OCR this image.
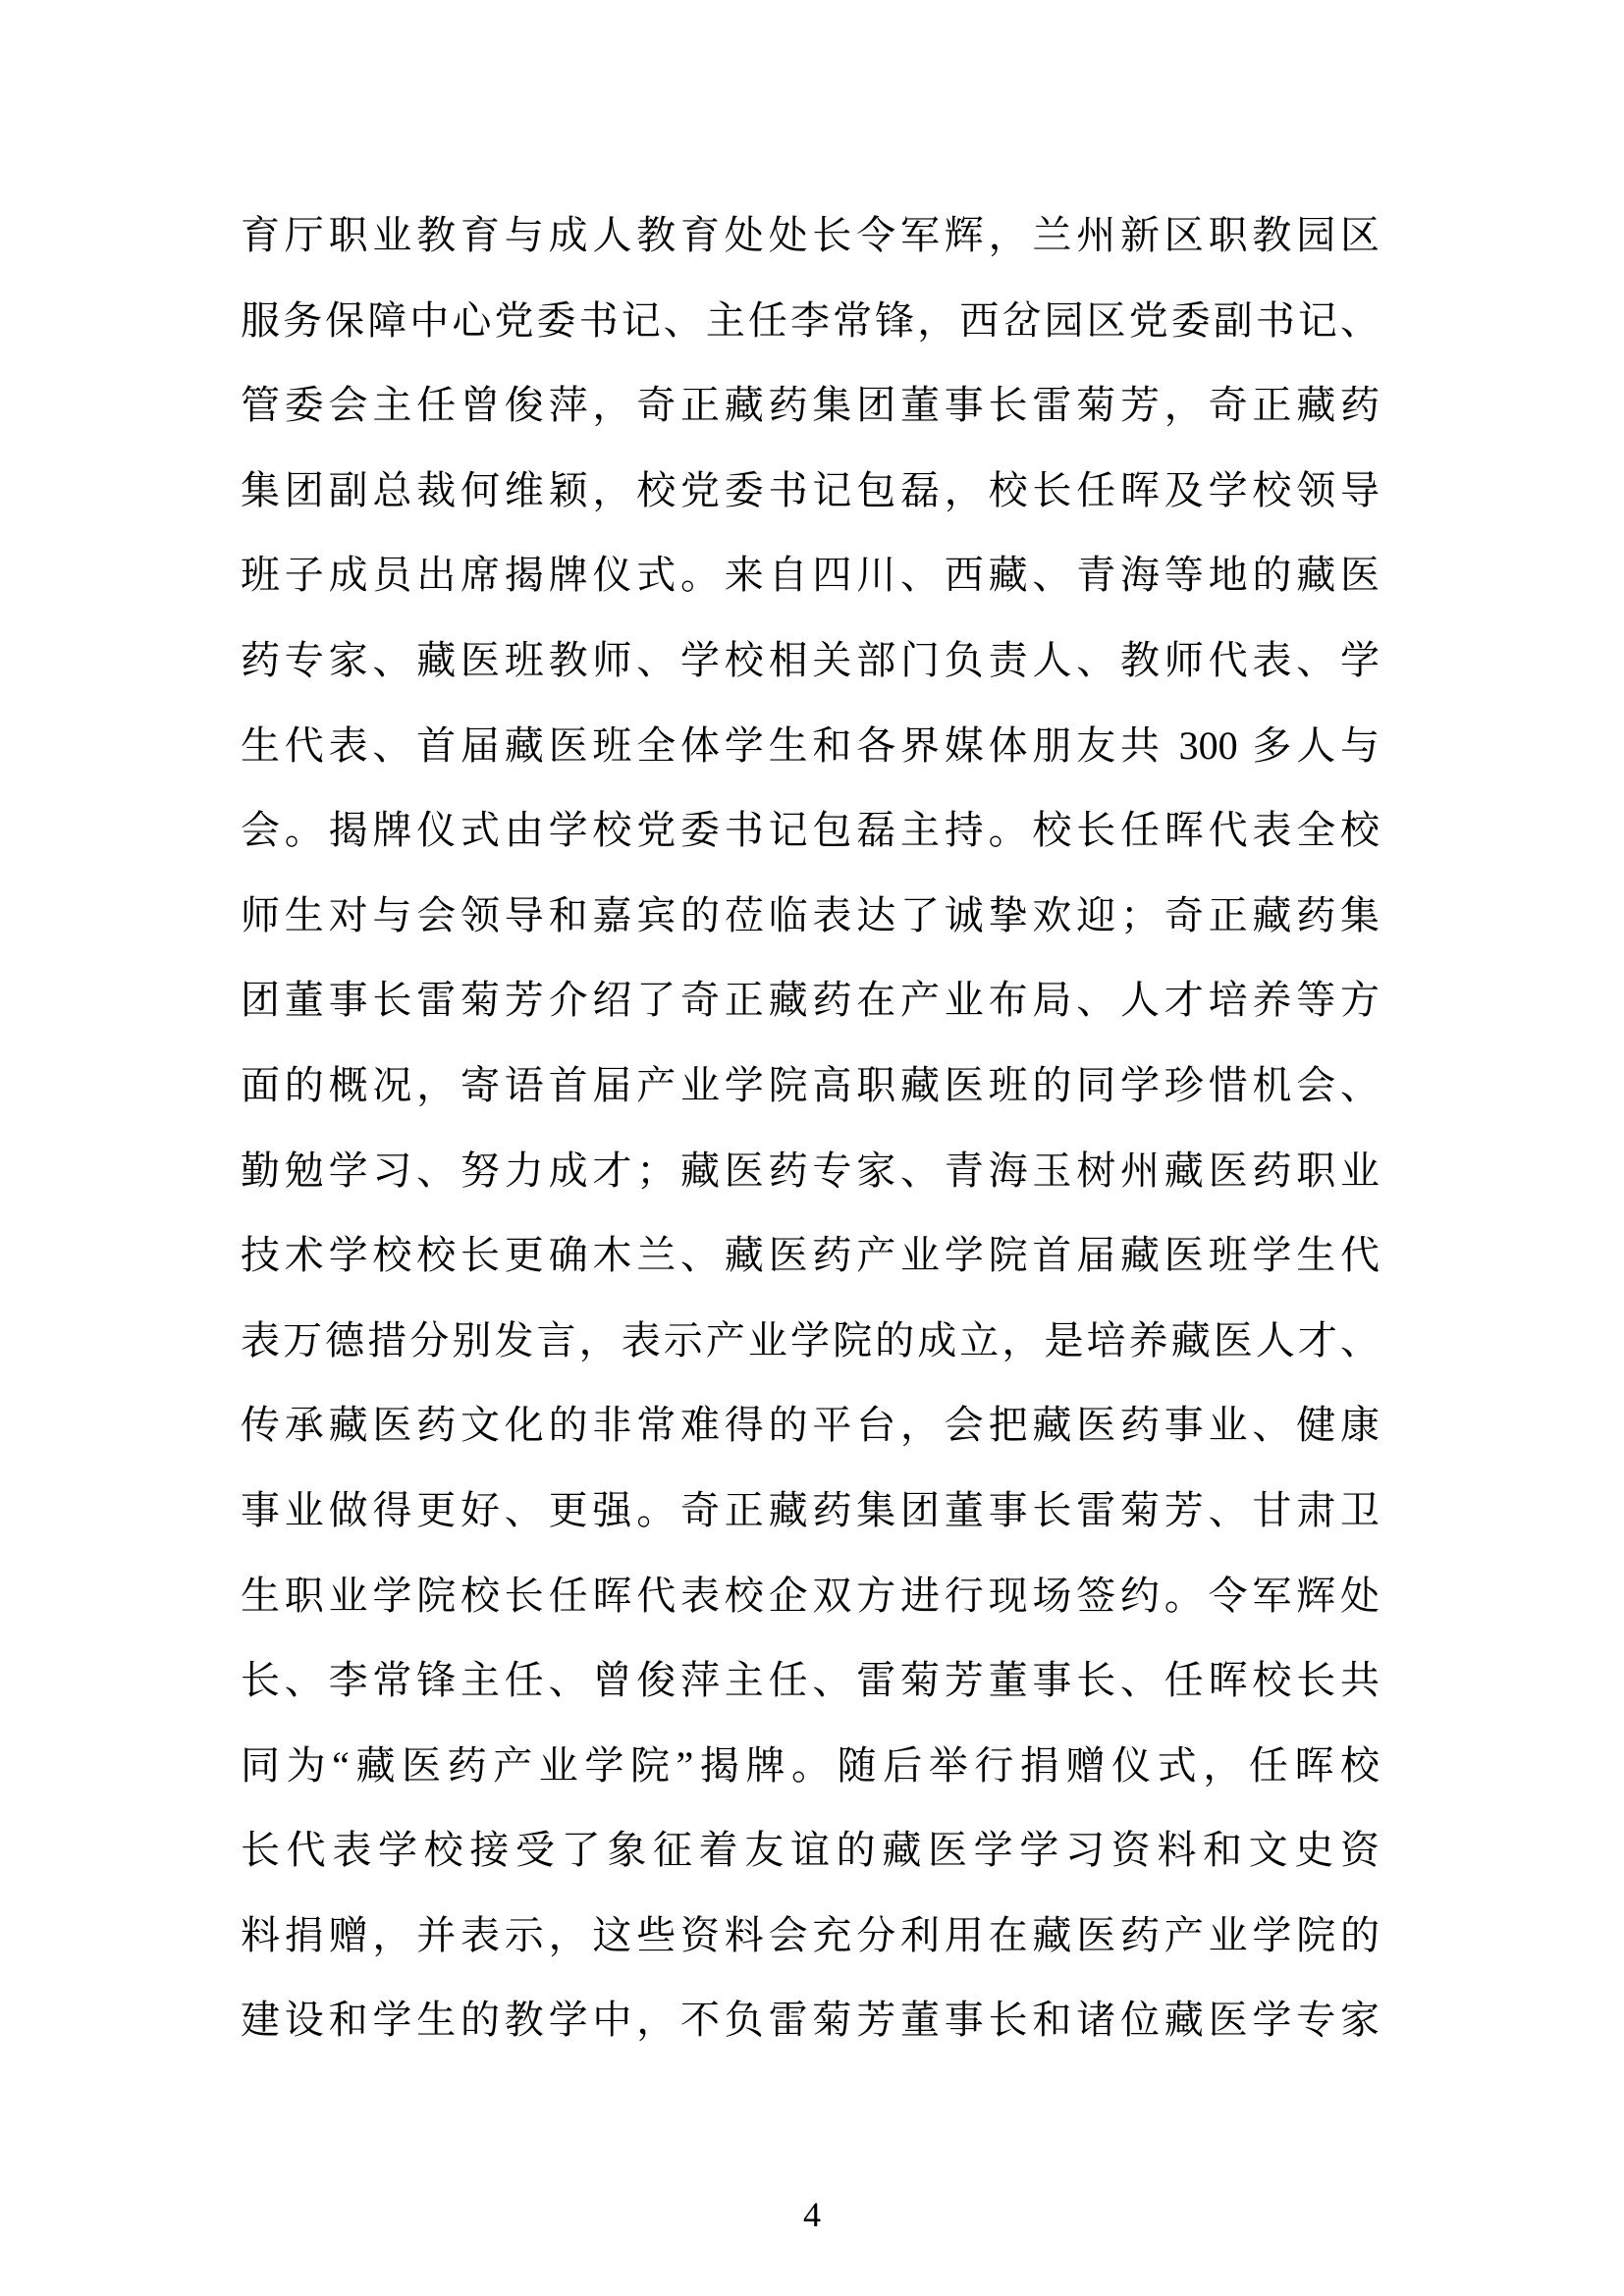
育厅职业教育与成人教育处处长令军辉，兰州新区职教园区
服务保障中心党委书记、主任李常锋，西岔园区党委副书记、
管委会主任曾俊萍，奇正藏药集团董事长雷菊芳，奇正藏药
集团副总裁何维颖，校党委书记包磊，校长任晖及学校领导
班子成员出席揭牌仪式。来自四川、西藏、青海等地的藏医
药专家、藏医班教师、学校相关部门负责人、教师代表、学
生代表、首届藏医班全体学生和各界媒体朋友共 300 多人与
会。揭牌仪式由学校党委书记包磊主持。校长任晖代表全校
师生对与会领导和嘉宾的莅临表达了诚挚欢迎；奇正藏药集
团董事长雷菊芳介绍了奇正藏药在产业布局、人才培养等方
面的概况，寄语首届产业学院高职藏医班的同学珍惜机会、
勤勉学习、努力成才；藏医药专家、青海玉树州藏医药职业
技术学校校长更确木兰、藏医药产业学院首届藏医班学生代
表万德措分别发言，表示产业学院的成立，是培养藏医人才、
传承藏医药文化的非常难得的平台，会把藏医药事业、健康
事业做得更好、更强。奇正藏药集团董事长雷菊芳、甘肃卫
生职业学院校长任晖代表校企双方进行现场签约。令军辉处
长、李常锋主任、曾俊萍主任、雷菊芳董事长、任晖校长共
同为“藏医药产业学院”揭牌。随后举行捐赠仪式，任晖校
长代表学校接受了象征着友谊的藏医学学习资料和文史资
料捐赠，并表示，这些资料会充分利用在藏医药产业学院的
建设和学生的教学中，不负雷菊芳董事长和诸位藏医学专家
4
